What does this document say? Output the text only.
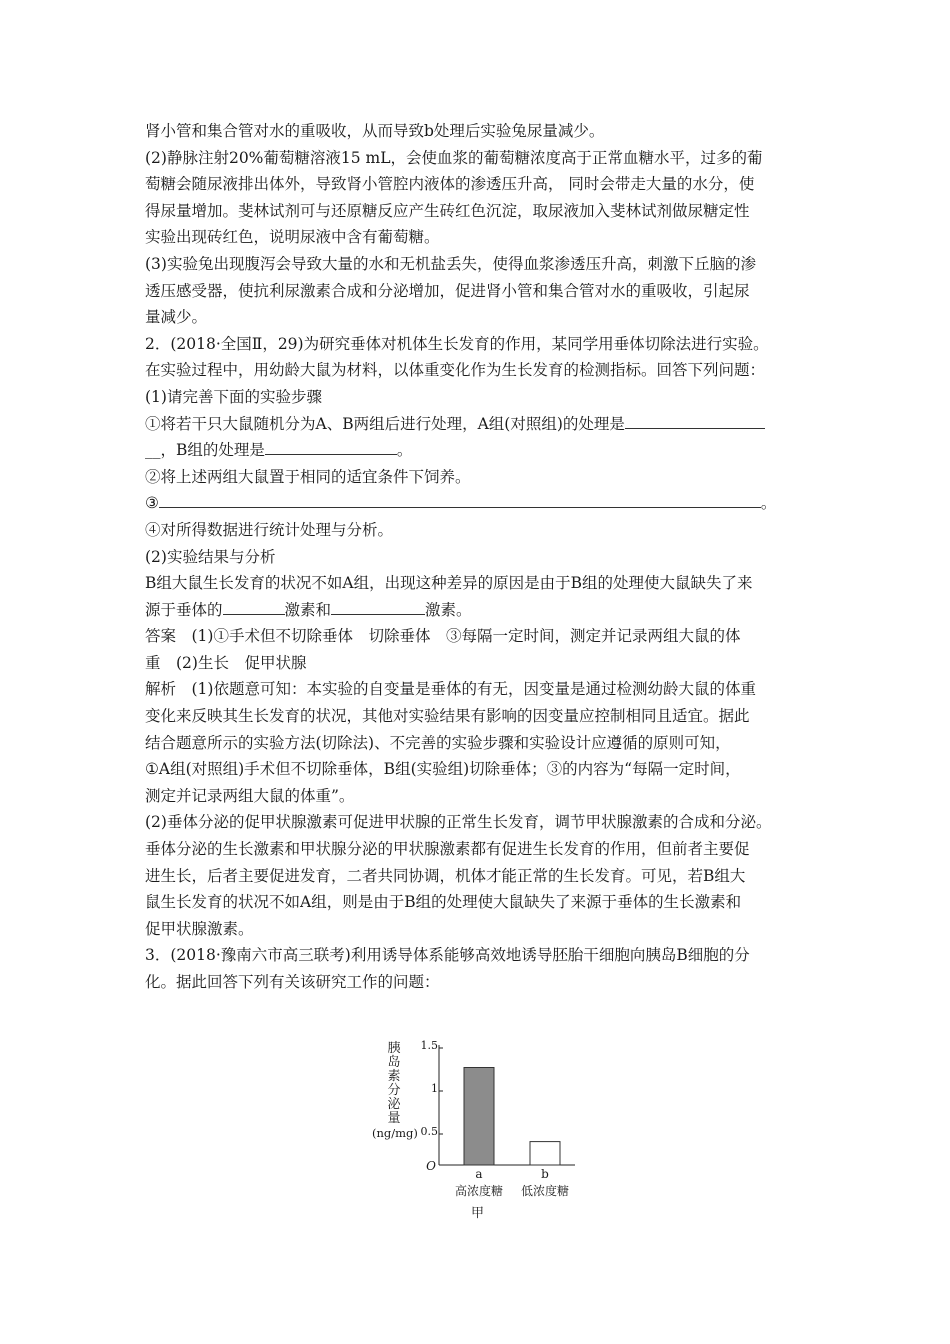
肾小管和集合管对水的重吸收，从而导致b处理后实验兔尿量减少。
(2)静脉注射20%葡萄糖溶液15 mL，会使血浆的葡萄糖浓度高于正常血糖水平，过多的葡
萄糖会随尿液排出体外，导致肾小管腔内液体的渗透压升高， 同时会带走大量的水分，使
得尿量增加。斐林试剂可与还原糖反应产生砖红色沉淀，取尿液加入斐林试剂做尿糖定性
实验出现砖红色，说明尿液中含有葡萄糖。
(3)实验兔出现腹泻会导致大量的水和无机盐丢失，使得血浆渗透压升高，刺激下丘脑的渗
透压感受器，使抗利尿激素合成和分泌增加，促进肾小管和集合管对水的重吸收，引起尿
量减少。
2．(2018·全国Ⅱ，29)为研究垂体对机体生长发育的作用，某同学用垂体切除法进行实验。
在实验过程中，用幼龄大鼠为材料，以体重变化作为生长发育的检测指标。回答下列问题：
(1)请完善下面的实验步骤
①将若干只大鼠随机分为A、B两组后进行处理，A组(对照组)的处理是
__，B组的处理是	。
②将上述两组大鼠置于相同的适宜条件下饲养。
③	。
④对所得数据进行统计处理与分析。
(2)实验结果与分析
B组大鼠生长发育的状况不如A组，出现这种差异的原因是由于B组的处理使大鼠缺失了来
源于垂体的	激素和	激素。
答案　(1)①手术但不切除垂体　切除垂体　③每隔一定时间，测定并记录两组大鼠的体
重　(2)生长　促甲状腺
解析　(1)依题意可知：本实验的自变量是垂体的有无，因变量是通过检测幼龄大鼠的体重
变化来反映其生长发育的状况，其他对实验结果有影响的因变量应控制相同且适宜。据此
结合题意所示的实验方法(切除法)、不完善的实验步骤和实验设计应遵循的原则可知，
①A组(对照组)手术但不切除垂体，B组(实验组)切除垂体；③的内容为“每隔一定时间，
测定并记录两组大鼠的体重”。
(2)垂体分泌的促甲状腺激素可促进甲状腺的正常生长发育，调节甲状腺激素的合成和分泌。
垂体分泌的生长激素和甲状腺分泌的甲状腺激素都有促进生长发育的作用，但前者主要促
进生长，后者主要促进发育，二者共同协调，机体才能正常的生长发育。可见，若B组大
鼠生长发育的状况不如A组，则是由于B组的处理使大鼠缺失了来源于垂体的生长激素和
促甲状腺激素。
3．(2018·豫南六市高三联考)利用诱导体系能够高效地诱导胚胎干细胞向胰岛B细胞的分
化。据此回答下列有关该研究工作的问题：
胰岛素分泌量
(ng/mg)
1.5
1
0.5
O
a	b
高浓度糖	低浓度糖
甲
